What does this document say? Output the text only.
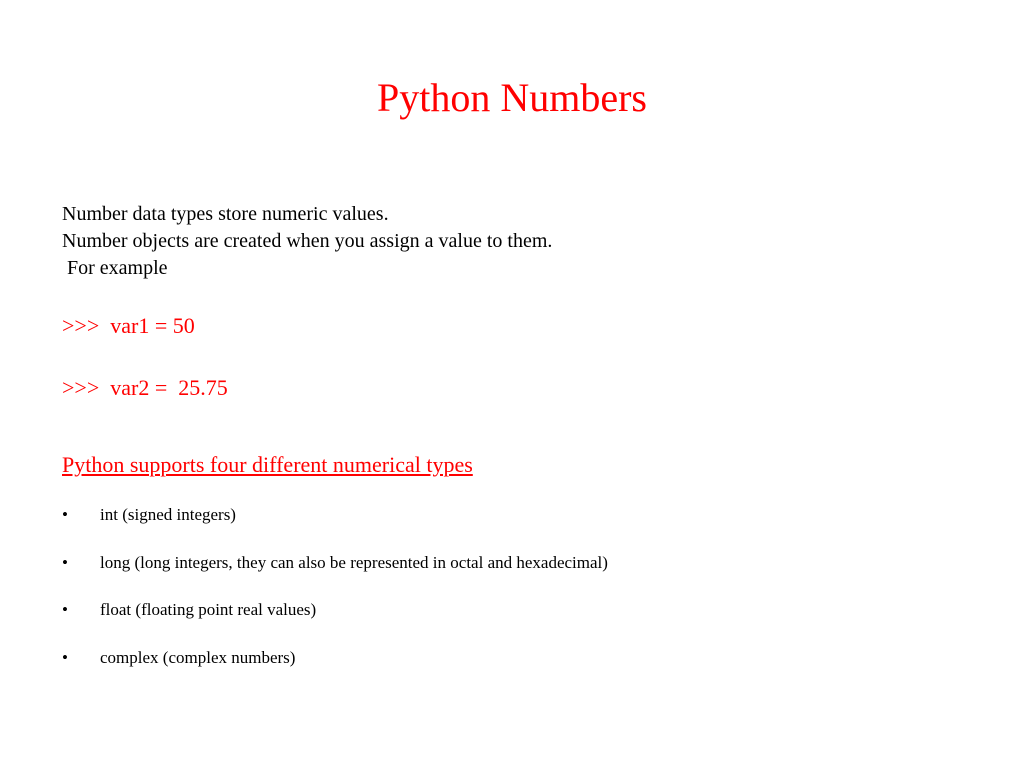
Python Numbers
Number data types store numeric values.
Number objects are created when you assign a value to them.
For example
>>>  var1 = 50
>>>  var2 =  25.75
Python supports four different numerical types
• int (signed integers)
• long (long integers, they can also be represented in octal and hexadecimal)
• float (floating point real values)
• complex (complex numbers)
